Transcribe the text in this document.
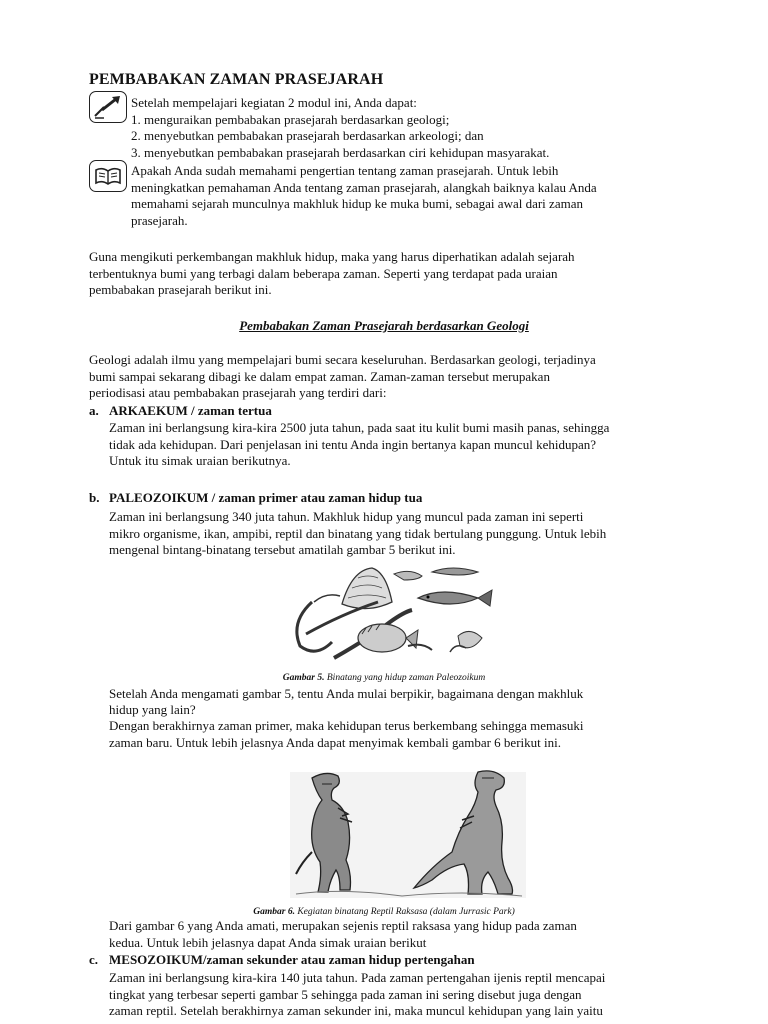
PEMBABAKAN ZAMAN PRASEJARAH
Setelah mempelajari kegiatan 2 modul ini, Anda dapat:
1. menguraikan pembabakan prasejarah berdasarkan geologi;
2. menyebutkan pembabakan prasejarah berdasarkan arkeologi; dan
3. menyebutkan pembabakan prasejarah berdasarkan ciri kehidupan masyarakat.
Apakah Anda sudah memahami pengertian tentang zaman prasejarah. Untuk lebih
meningkatkan pemahaman Anda tentang zaman prasejarah, alangkah baiknya kalau Anda
memahami sejarah munculnya makhluk hidup ke muka bumi, sebagai awal dari zaman
prasejarah.
Guna mengikuti perkembangan makhluk hidup, maka yang harus diperhatikan adalah sejarah
terbentuknya bumi yang terbagi dalam beberapa zaman. Seperti yang terdapat pada uraian
pembabakan prasejarah berikut ini.
Pembabakan Zaman Prasejarah berdasarkan Geologi
Geologi adalah ilmu yang mempelajari bumi secara keseluruhan. Berdasarkan geologi, terjadinya
bumi sampai sekarang dibagi ke dalam empat zaman. Zaman-zaman tersebut merupakan
periodisasi atau pembabakan prasejarah yang terdiri dari:
a. ARKAEKUM / zaman tertua
Zaman ini berlangsung kira-kira 2500 juta tahun, pada saat itu kulit bumi masih panas, sehingga
tidak ada kehidupan. Dari penjelasan ini tentu Anda ingin bertanya kapan muncul kehidupan?
Untuk itu simak uraian berikutnya.
b. PALEOZOIKUM / zaman primer atau zaman hidup tua
Zaman ini berlangsung 340 juta tahun. Makhluk hidup yang muncul pada zaman ini seperti
mikro organisme, ikan, ampibi, reptil dan binatang yang tidak bertulang punggung. Untuk lebih
mengenal bintang-binatang tersebut amatilah gambar 5 berikut ini.
Gambar 5. Binatang yang hidup zaman Paleozoikum
Setelah Anda mengamati gambar 5, tentu Anda mulai berpikir, bagaimana dengan makhluk
hidup yang lain?
Dengan berakhirnya zaman primer, maka kehidupan terus berkembang sehingga memasuki
zaman baru. Untuk lebih jelasnya Anda dapat menyimak kembali gambar 6 berikut ini.
Gambar 6. Kegiatan binatang Reptil Raksasa (dalam Jurrasic Park)
Dari gambar 6 yang Anda amati, merupakan sejenis reptil raksasa yang hidup pada zaman
kedua. Untuk lebih jelasnya dapat Anda simak uraian berikut
c. MESOZOIKUM/zaman sekunder atau zaman hidup pertengahan
Zaman ini berlangsung kira-kira 140 juta tahun. Pada zaman pertengahan ijenis reptil mencapai
tingkat yang terbesar seperti gambar 5 sehingga pada zaman ini sering disebut juga dengan
zaman reptil. Setelah berakhirnya zaman sekunder ini, maka muncul kehidupan yang lain yaitu
